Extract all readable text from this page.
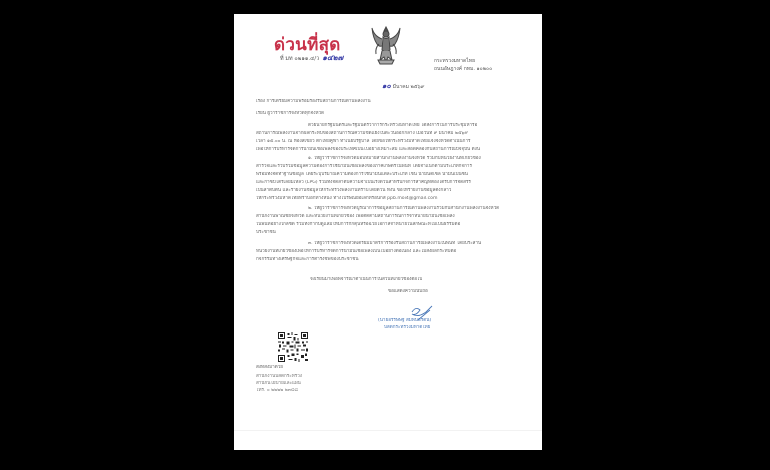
ด่วนที่สุด
ที่ มท ๐๒๑๑.๔/ว ๑๔๒๗	กระทรวงมหาดไทย
ถนนอัษฎางค์ กทม. ๑๐๒๐๐
๑๐ มีนาคม ๒๕๖๙
เรื่อง การเตรียมความพร้อมรองรับสถานการณ์ด้านพลังงาน
เรียน ผู้ว่าราชการจังหวัดทุกจังหวัด
ด้วยนายกรัฐมนตรีและรัฐมนตรีว่าการกระทรวงมหาดไทย ได้สั่งการในการประชุมหารือ
สถานการณ์พลังงานจากผลกระทบของสถานการณ์ความขัดแย้งในตะวันออกกลาง เมื่อวันที่ ๙ มีนาคม ๒๕๖๙
เวลา ๑๕.๐๐ น. ณ ห้องสีเขียว ตึกไทยคู่ฟ้า ทำเนียบรัฐบาล โดยขอให้กระทรวงมหาดไทยแจ้งจังหวัดดำเนินการ
เพื่อให้การบริหารจัดการน้ำมันเชื้อเพลิงของประเทศเป็นไปอย่างเหมาะสม และสอดคล้องกับสถานการณ์ปัจจุบัน ดังนี้
๑. ให้ผู้ว่าราชการจังหวัดมอบหมายสำนักงานพลังงานจังหวัด ร่วมกับหน่วยงานที่เกี่ยวข้อง
สำรวจและรวบรวมข้อมูลความต้องการใช้น้ำมันเชื้อเพลิงของภาคเกษตรในพื้นที่ โดยจำแนกตามประเภทกิจการ
พร้อมทั้งจัดทำฐานข้อมูล โดยระบุปริมาณความต้องการใช้น้ำมันแต่ละประเภท เช่น น้ำมันดีเซล น้ำมันเบนซิน
และก๊าซปิโตรเลียมเหลว (LPG) รวมทั้งจัดลำดับความจำเป็นเร่งด่วนสำหรับกิจการสำคัญที่ต้องได้รับการจัดสรร
เป็นลำดับต้น และรายงานข้อมูลให้กระทรวงพลังงานทราบโดยด่วน ทั้งนี้ ขอให้รายงานข้อมูลดังกล่าว
ให้กระทรวงมหาดไทยทราบอีกทางหนึ่ง ทางไปรษณีย์อิเล็กทรอนิกส์ ppb.moi4@gmail.com
๒. ให้ผู้ว่าราชการจังหวัดบูรณาการข้อมูลสถานการณ์ด้านพลังงานร่วมกับสำนักงานพลังงานจังหวัด
สำนักงานพาณิชย์จังหวัด และหน่วยงานที่เกี่ยวข้อง เพื่อติดตามสถานการณ์การจำหน่ายน้ำมันเชื้อเพลิง
ในพื้นที่อย่างใกล้ชิด รวมทั้งกำกับดูแลมิให้มีการกักตุนหรือฉวยโอกาสจำหน่ายในลักษณะที่ไม่เป็นธรรมต่อ
ประชาชน
๓. ให้ผู้ว่าราชการจังหวัดเตรียมมาตรการรองรับสถานการณ์พลังงานในพื้นที่ โดยประสาน
หน่วยงานที่เกี่ยวข้องเพื่อให้การบริหารจัดการน้ำมันเชื้อเพลิงเป็นไปอย่างต่อเนื่อง และไม่ส่งผลกระทบต่อ
กิจกรรมทางเศรษฐกิจและการดำรงชีพของประชาชน
จึงเรียนมาเพื่อพิจารณาดำเนินการในส่วนที่เกี่ยวข้องต่อไป
ขอแสดงความนับถือ
(นายอรรษิษฐ์ สัมพันธรัตน์)
ปลัดกระทรวงมหาดไทย
สิ่งที่ส่งมาด้วย
สำนักงานปลัดกระทรวง
สำนักนโยบายและแผน
โทร. ๐ ๒๒๒๒ ๒๓๔๘
